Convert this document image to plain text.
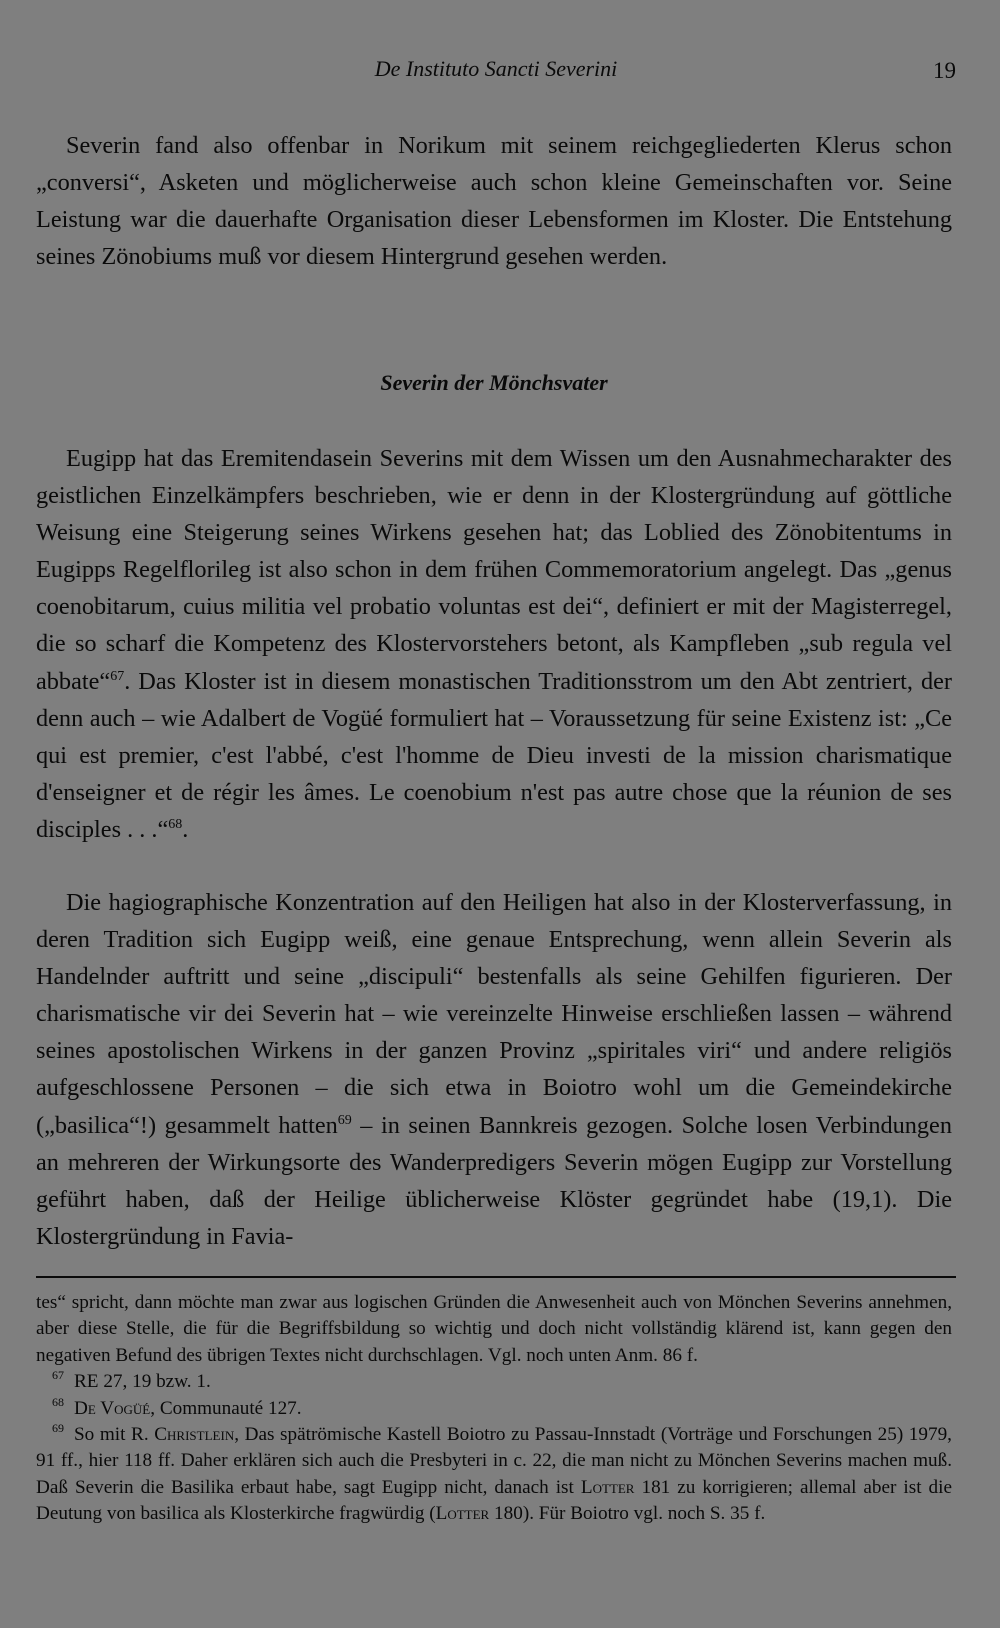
De Instituto Sancti Severini	19

Severin fand also offenbar in Norikum mit seinem reichgegliederten Klerus schon „conversi“, Asketen und möglicherweise auch schon kleine Gemeinschaften vor. Seine Leistung war die dauerhafte Organisation dieser Lebensformen im Kloster. Die Entstehung seines Zönobiums muß vor diesem Hintergrund gesehen werden.

Severin der Mönchsvater

Eugipp hat das Eremitendasein Severins mit dem Wissen um den Ausnahmecharakter des geistlichen Einzelkämpfers beschrieben, wie er denn in der Klostergründung auf göttliche Weisung eine Steigerung seines Wirkens gesehen hat; das Loblied des Zönobitentums in Eugipps Regelflorileg ist also schon in dem frühen Commemoratorium angelegt. Das „genus coenobitarum, cuius militia vel probatio voluntas est dei“, definiert er mit der Magisterregel, die so scharf die Kompetenz des Klostervorstehers betont, als Kampfleben „sub regula vel abbate“$^{67}$. Das Kloster ist in diesem monastischen Traditionsstrom um den Abt zentriert, der denn auch – wie Adalbert de Vogüé formuliert hat – Voraussetzung für seine Existenz ist: „Ce qui est premier, c'est l'abbé, c'est l'homme de Dieu investi de la mission charismatique d'enseigner et de régir les âmes. Le coenobium n'est pas autre chose que la réunion de ses disciples . . .“$^{68}$.

Die hagiographische Konzentration auf den Heiligen hat also in der Klosterverfassung, in deren Tradition sich Eugipp weiß, eine genaue Entsprechung, wenn allein Severin als Handelnder auftritt und seine „discipuli“ bestenfalls als seine Gehilfen figurieren. Der charismatische vir dei Severin hat – wie vereinzelte Hinweise erschließen lassen – während seines apostolischen Wirkens in der ganzen Provinz „spiritales viri“ und andere religiös aufgeschlossene Personen – die sich etwa in Boiotro wohl um die Gemeindekirche („basilica“!) gesammelt hatten$^{69}$ – in seinen Bannkreis gezogen. Solche losen Verbindungen an mehreren der Wirkungsorte des Wanderpredigers Severin mögen Eugipp zur Vorstellung geführt haben, daß der Heilige üblicherweise Klöster gegründet habe (19,1). Die Klostergründung in Favia-

tes“ spricht, dann möchte man zwar aus logischen Gründen die Anwesenheit auch von Mönchen Severins annehmen, aber diese Stelle, die für die Begriffsbildung so wichtig und doch nicht vollständig klärend ist, kann gegen den negativen Befund des übrigen Textes nicht durchschlagen. Vgl. noch unten Anm. 86 f.

$^{67}$ RE 27, 19 bzw. 1.

$^{68}$ De Vogüé, Communauté 127.

$^{69}$ So mit R. Christlein, Das spätrömische Kastell Boiotro zu Passau-Innstadt (Vorträge und Forschungen 25) 1979, 91 ff., hier 118 ff. Daher erklären sich auch die Presbyteri in c. 22, die man nicht zu Mönchen Severins machen muß. Daß Severin die Basilika erbaut habe, sagt Eugipp nicht, danach ist Lotter 181 zu korrigieren; allemal aber ist die Deutung von basilica als Klosterkirche fragwürdig (Lotter 180). Für Boiotro vgl. noch S. 35 f.
